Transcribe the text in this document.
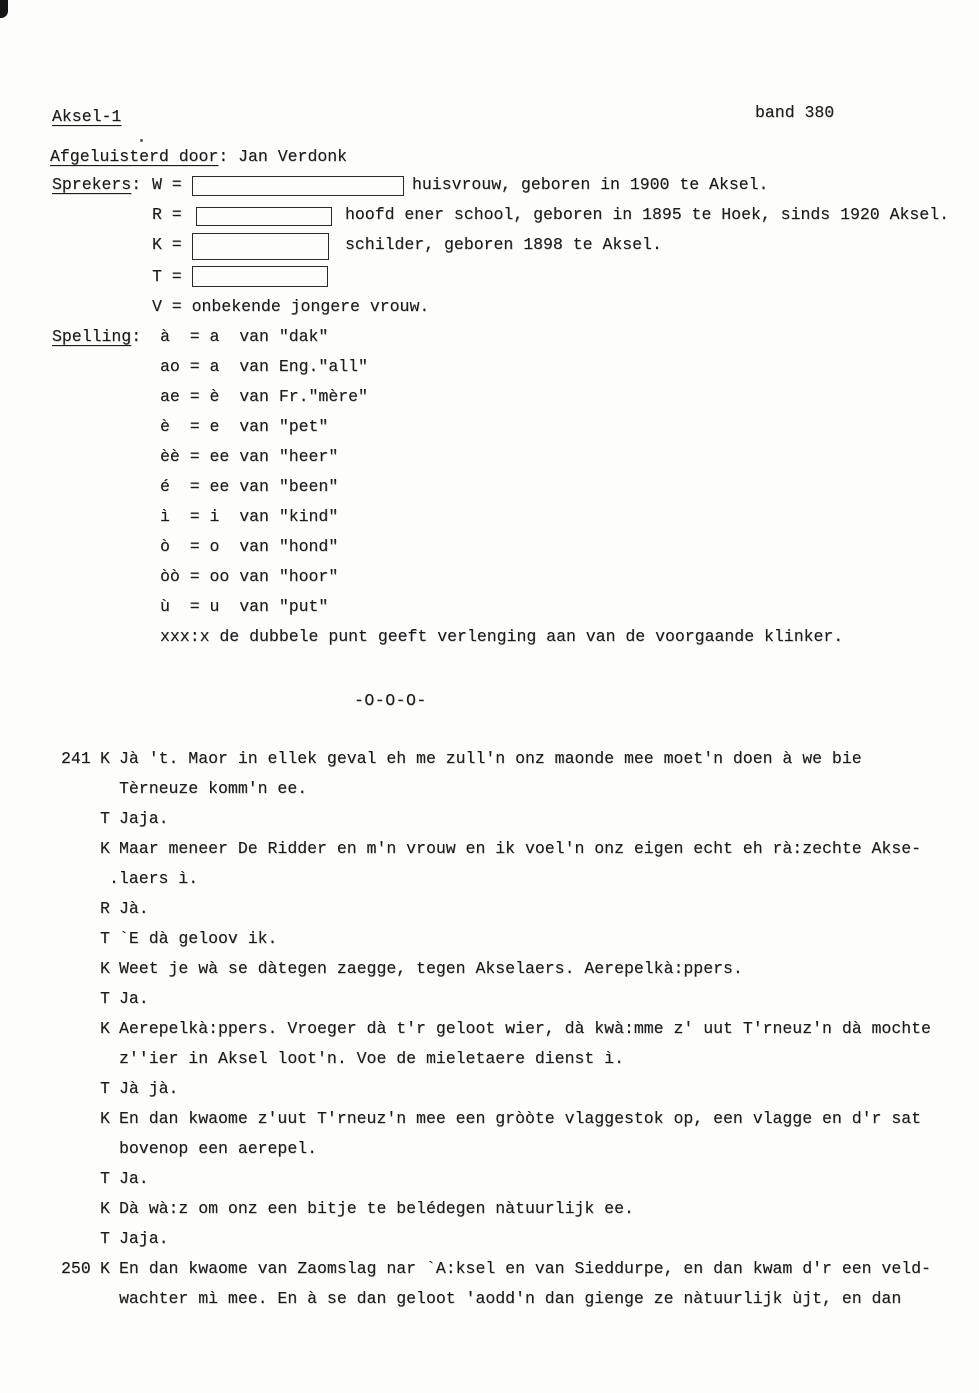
Aksel-1	band 380
Afgeluisterd door: Jan Verdonk
Sprekers: W =	huisvrouw, geboren in 1900 te Aksel.
R =	hoofd ener school, geboren in 1895 te Hoek, sinds 1920 Aksel.
K =	schilder, geboren 1898 te Aksel.
T =
V = onbekende jongere vrouw.
Spelling: à  = a  van "dak"
ao = a  van Eng."all"
ae = è  van Fr."mère"
è  = e  van "pet"
èè = ee van "heer"
é  = ee van "been"
ì  = i  van "kind"
ò  = o  van "hond"
òò = oo van "hoor"
ù  = u  van "put"
xxx:x de dubbele punt geeft verlenging aan van de voorgaande klinker.
-O-O-O-
241 K Jà 't. Maor in ellek geval eh me zull'n onz maonde mee moet'n doen à we bie
Tèrneuze komm'n ee.
T Jaja.
K Maar meneer De Ridder en m'n vrouw en ik voel'n onz eigen echt eh rà:zechte Akse-
.laers ì.
R Jà.
T `E dà geloov ik.
K Weet je wà se dàtegen zaegge, tegen Akselaers. Aerepelkà:ppers.
T Ja.
K Aerepelkà:ppers. Vroeger dà t'r geloot wier, dà kwà:mme z' uut T'rneuz'n dà mochte
z''ier in Aksel loot'n. Voe de mieletaere dienst ì.
T Jà jà.
K En dan kwaome z'uut T'rneuz'n mee een gròòte vlaggestok op, een vlagge en d'r sat
bovenop een aerepel.
T Ja.
K Dà wà:z om onz een bitje te belédegen nàtuurlijk ee.
T Jaja.
250 K En dan kwaome van Zaomslag nar `A:ksel en van Sieddurpe, en dan kwam d'r een veld-
wachter mì mee. En à se dan geloot 'aodd'n dan gienge ze nàtuurlijk ùjt, en dan
